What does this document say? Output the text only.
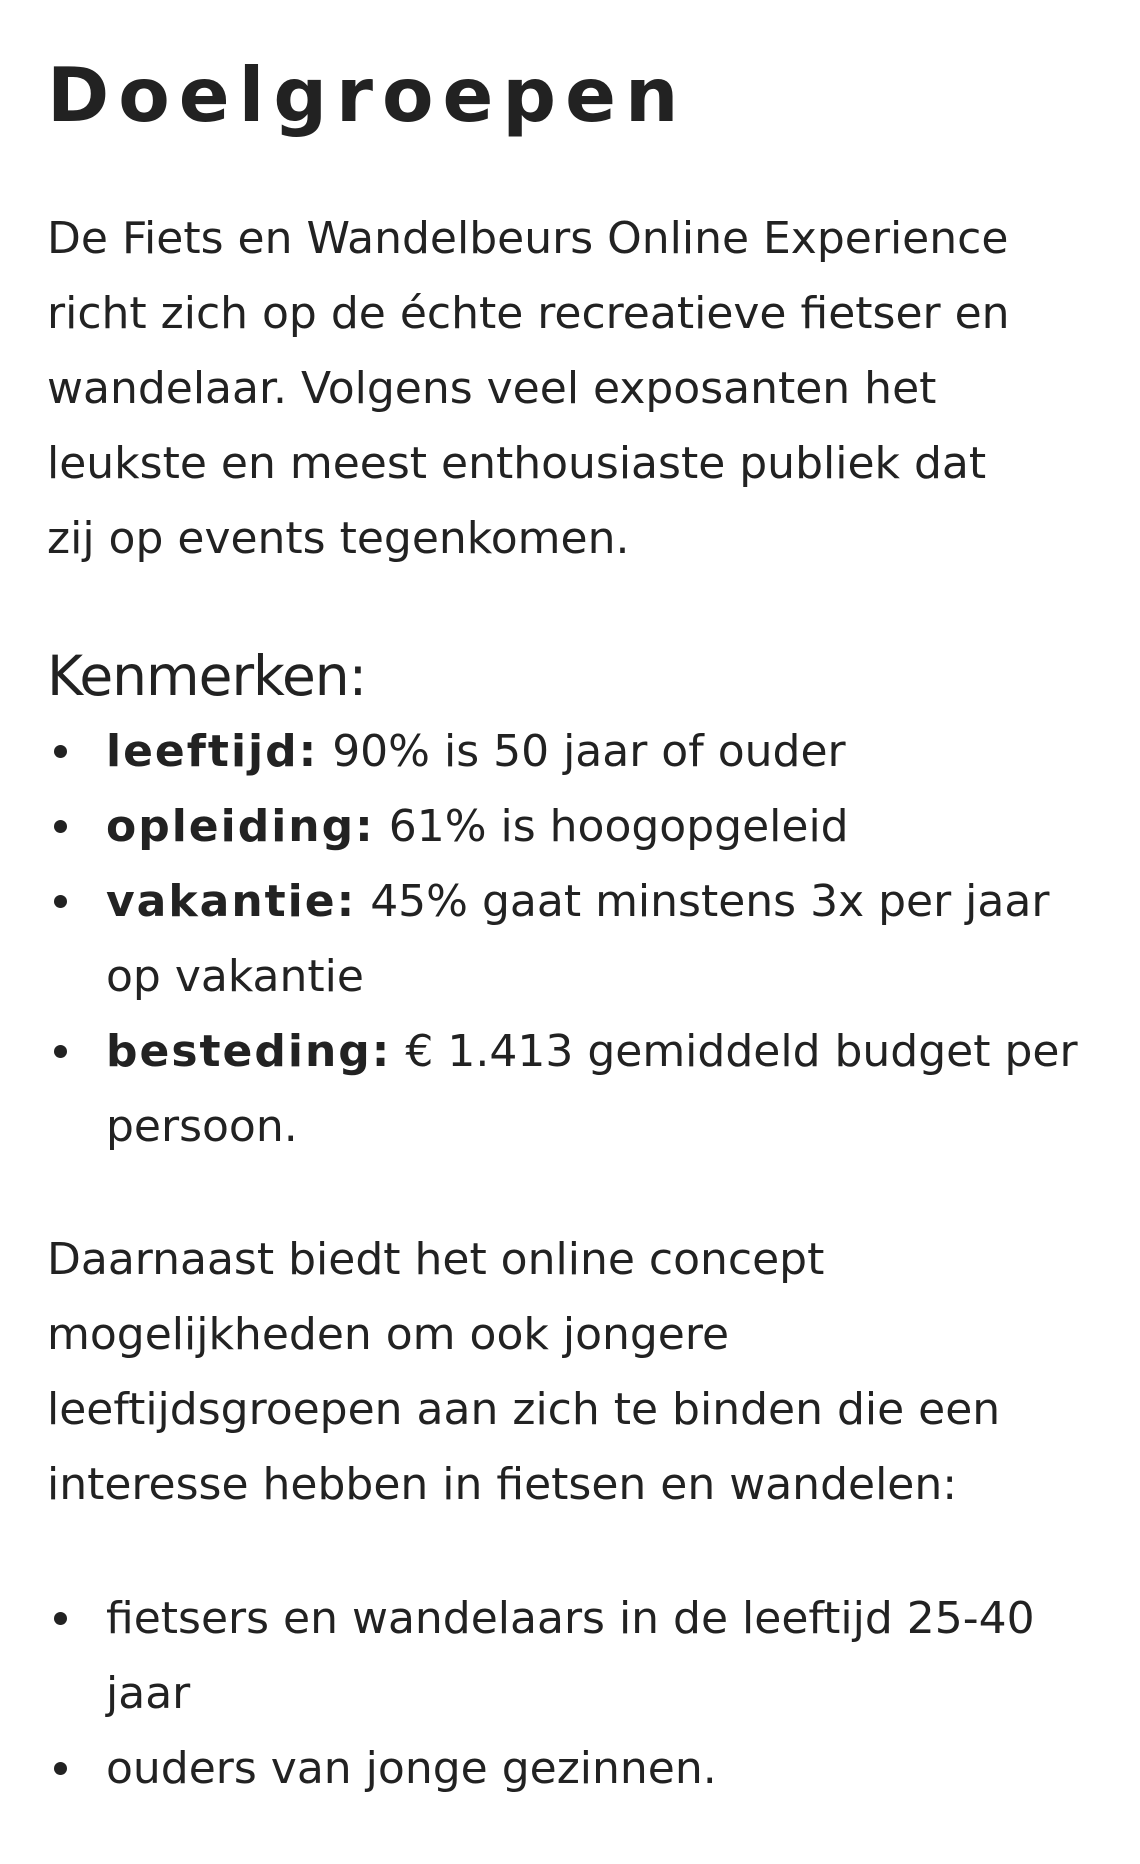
Doelgroepen

De Fiets en Wandelbeurs Online Experience
richt zich op de échte recreatieve fietser en
wandelaar. Volgens veel exposanten het
leukste en meest enthousiaste publiek dat
zij op events tegenkomen.

Kenmerken:
leeftijd: 90% is 50 jaar of ouder
opleiding: 61% is hoogopgeleid
vakantie: 45% gaat minstens 3x per jaar
op vakantie
besteding: € 1.413 gemiddeld budget per
persoon.

Daarnaast biedt het online concept
mogelijkheden om ook jongere
leeftijdsgroepen aan zich te binden die een
interesse hebben in fietsen en wandelen:

fietsers en wandelaars in de leeftijd 25-40
jaar
ouders van jonge gezinnen.
